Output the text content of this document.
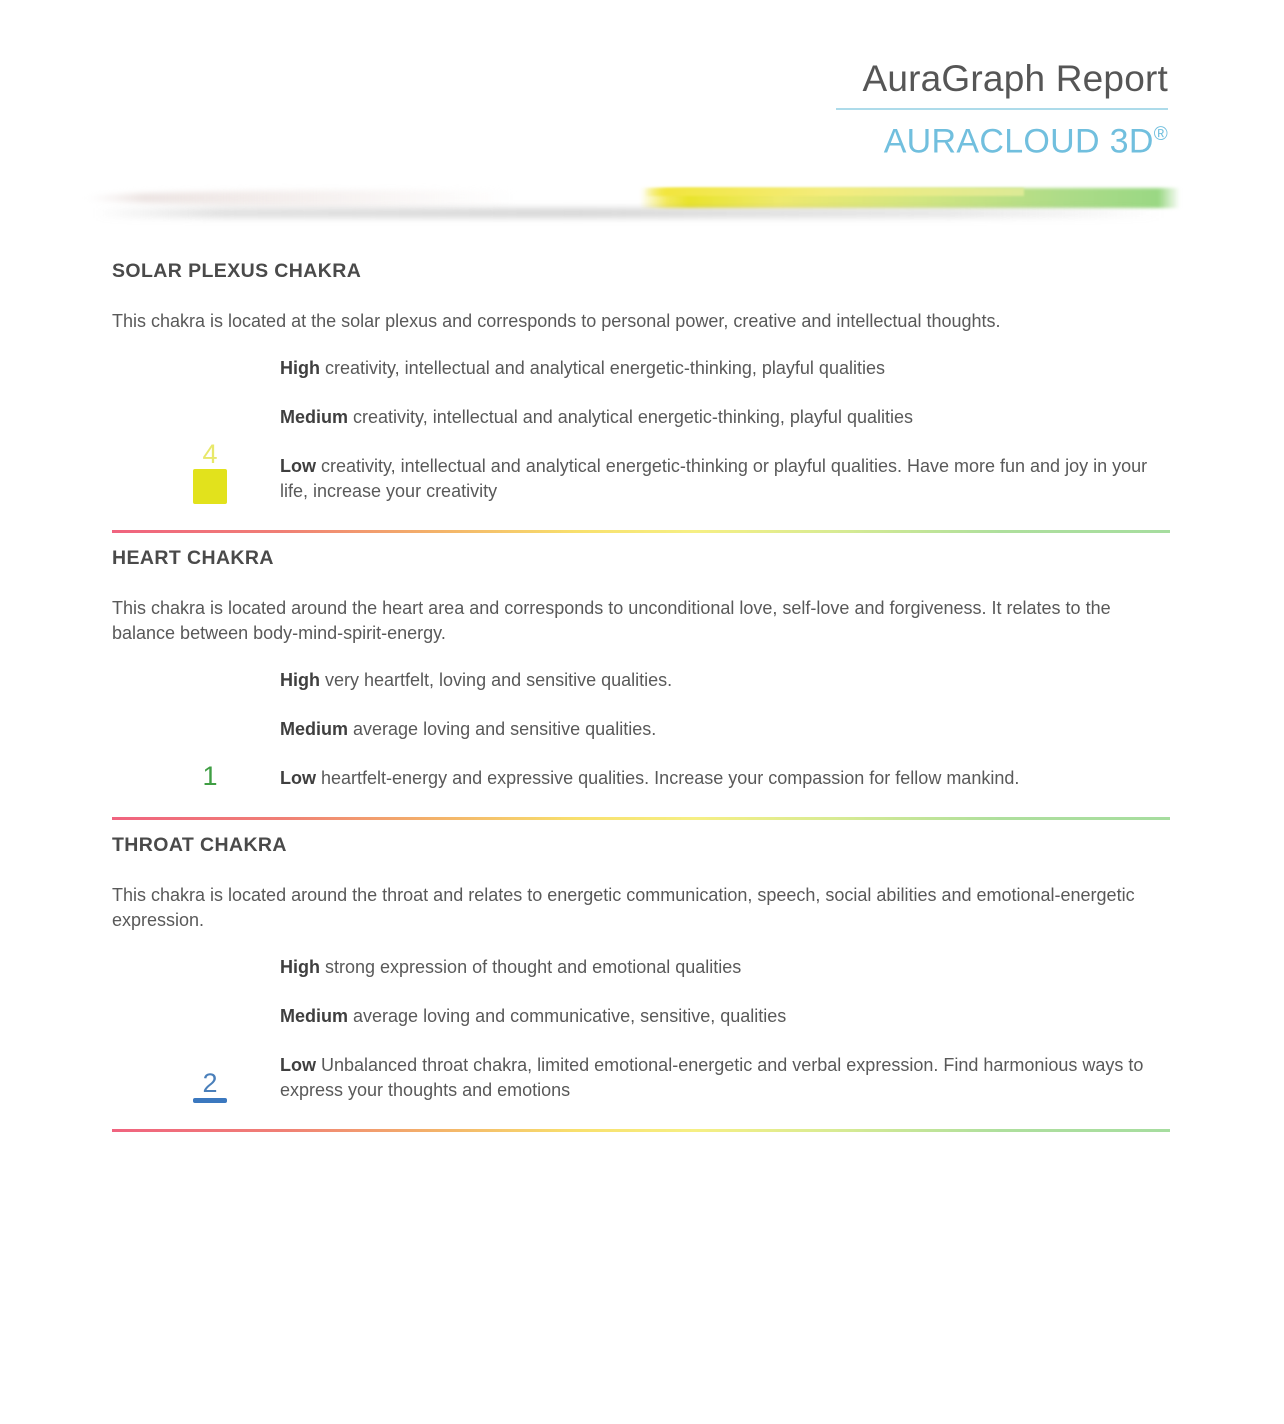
AuraGraph Report
AURACLOUD 3D®
SOLAR PLEXUS CHAKRA

This chakra is located at the solar plexus and corresponds to personal power, creative and intellectual thoughts.

4
High creativity, intellectual and analytical energetic-thinking, playful qualities
Medium creativity, intellectual and analytical energetic-thinking, playful qualities
Low creativity, intellectual and analytical energetic-thinking or playful qualities. Have more fun and joy in your life, increase your creativity
HEART CHAKRA

This chakra is located around the heart area and corresponds to unconditional love, self-love and forgiveness. It relates to the balance between body-mind-spirit-energy.

1
High very heartfelt, loving and sensitive qualities.
Medium average loving and sensitive qualities.
Low heartfelt-energy and expressive qualities. Increase your compassion for fellow mankind.
THROAT CHAKRA

This chakra is located around the throat and relates to energetic communication, speech, social abilities and emotional-energetic expression.

2
High strong expression of thought and emotional qualities
Medium average loving and communicative, sensitive, qualities
Low Unbalanced throat chakra, limited emotional-energetic and verbal expression. Find harmonious ways to express your thoughts and emotions
